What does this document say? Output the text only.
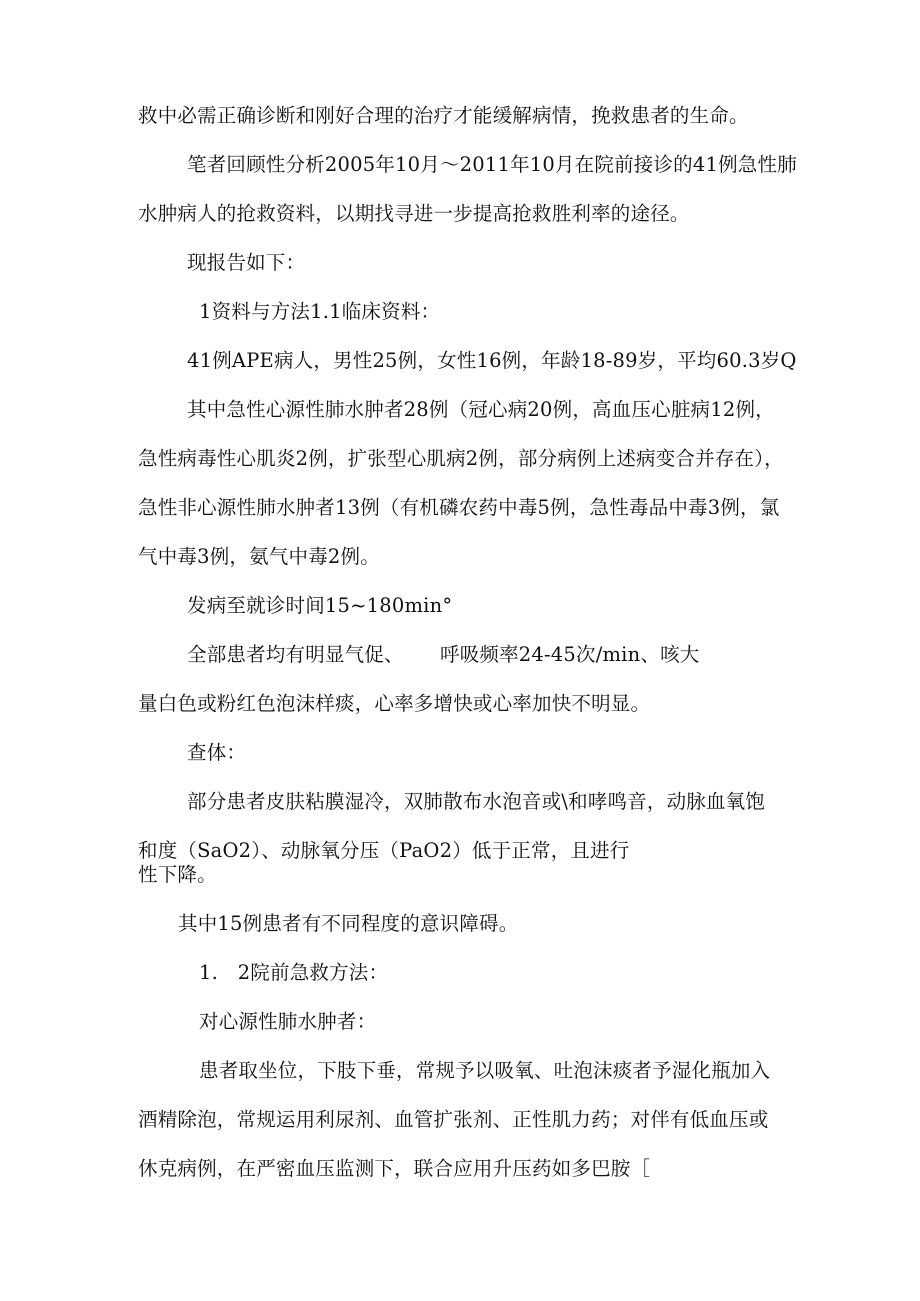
救中必需正确诊断和刚好合理的治疗才能缓解病情，挽救患者的生命。
笔者回顾性分析2005年10月～2011年10月在院前接诊的41例急性肺
水肿病人的抢救资料，以期找寻进一步提高抢救胜利率的途径。
现报告如下：
1资料与方法1.1临床资料：
41例APE病人，男性25例，女性16例，年龄18-89岁，平均60.3岁Q
其中急性心源性肺水肿者28例（冠心病20例，高血压心脏病12例，
急性病毒性心肌炎2例，扩张型心肌病2例，部分病例上述病变合并存在），
急性非心源性肺水肿者13例（有机磷农药中毒5例，急性毒品中毒3例，氯
气中毒3例，氨气中毒2例。
发病至就诊时间15~180min°
全部患者均有明显气促、 呼吸频率24-45次/min、咳大
量白色或粉红色泡沫样痰，心率多增快或心率加快不明显。
查体：
部分患者皮肤粘膜湿冷，双肺散布水泡音或\和哮鸣音，动脉血氧饱
和度（SaO2）、动脉氧分压（PaO2）低于正常，且进行
性下降。
其中15例患者有不同程度的意识障碍。
1.　2院前急救方法：
对心源性肺水肿者：
患者取坐位，下肢下垂，常规予以吸氧、吐泡沫痰者予湿化瓶加入
酒精除泡，常规运用利尿剂、血管扩张剂、正性肌力药；对伴有低血压或
休克病例，在严密血压监测下，联合应用升压药如多巴胺［
